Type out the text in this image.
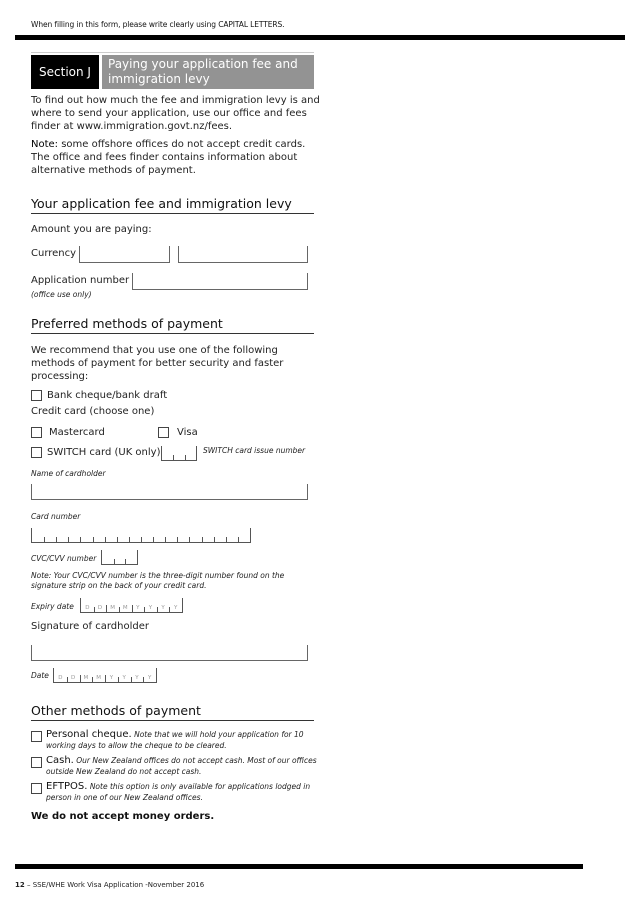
When filling in this form, please write clearly using CAPITAL LETTERS.
Section J
Paying your application fee and immigration levy
To find out how much the fee and immigration levy is and where to send your application, use our office and fees finder at www.immigration.govt.nz/fees.
Note: some offshore offices do not accept credit cards. The office and fees finder contains information about alternative methods of payment.
Your application fee and immigration levy
Amount you are paying:
Currency
Application number
(office use only)
Preferred methods of payment
We recommend that you use one of the following methods of payment for better security and faster processing:
Bank cheque/bank draft
Credit card (choose one)
Mastercard	Visa
SWITCH card (UK only)	SWITCH card issue number
Name of cardholder
Card number
CVC/CVV number
Note: Your CVC/CVV number is the three-digit number found on the signature strip on the back of your credit card.
Expiry date	D	D	M	M	Y	Y	Y	Y
Signature of cardholder
Date	D	D	M	M	Y	Y	Y	Y
Other methods of payment
Personal cheque. Note that we will hold your application for 10 working days to allow the cheque to be cleared.
Cash. Our New Zealand offices do not accept cash. Most of our offices outside New Zealand do not accept cash.
EFTPOS. Note this option is only available for applications lodged in person in one of our New Zealand offices.
We do not accept money orders.
12 – SSE/WHE Work Visa Application -November 2016
